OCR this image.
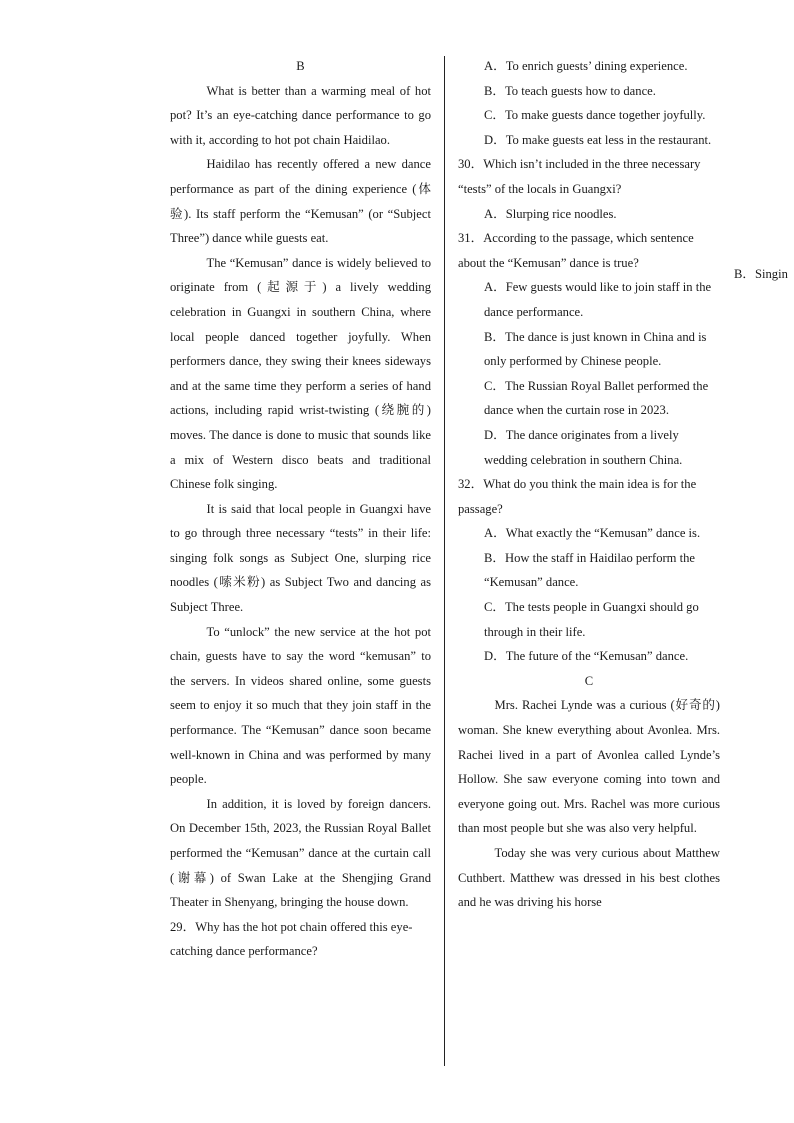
B

What is better than a warming meal of hot pot? It’s an eye-catching dance performance to go with it, according to hot pot chain Haidilao.

Haidilao has recently offered a new dance performance as part of the dining experience (体验). Its staff perform the “Kemusan” (or “Subject Three”) dance while guests eat.

The “Kemusan” dance is widely believed to originate from (起源于) a lively wedding celebration in Guangxi in southern China, where local people danced together joyfully. When performers dance, they swing their knees sideways and at the same time they perform a series of hand actions, including rapid wrist-twisting (绕腕的) moves. The dance is done to music that sounds like a mix of Western disco beats and traditional Chinese folk singing.

It is said that local people in Guangxi have to go through three necessary “tests” in their life: singing folk songs as Subject One, slurping rice noodles (嗦米粉) as Subject Two and dancing as Subject Three.

To “unlock” the new service at the hot pot chain, guests have to say the word “kemusan” to the servers. In videos shared online, some guests seem to enjoy it so much that they join staff in the performance. The “Kemusan” dance soon became well-known in China and was performed by many people.

In addition, it is loved by foreign dancers. On December 15th, 2023, the Russian Royal Ballet performed the “Kemusan” dance at the curtain call (谢幕) of Swan Lake at the Shengjing Grand Theater in Shenyang, bringing the house down.

29．Why has the hot pot chain offered this eye-catching dance performance?

A．To enrich guests’ dining experience.

B．To teach guests how to dance.

C．To make guests dance together joyfully.

D．To make guests eat less in the restaurant.

30．Which isn’t included in the three necessary “tests” of the locals in Guangxi?

A．Slurping rice noodles.

31．According to the passage, which sentence about the “Kemusan” dance is true?

A．Few guests would like to join staff in the dance performance.

B．The dance is just known in China and is only performed by Chinese people.

C．The Russian Royal Ballet performed the dance when the curtain rose in 2023.

D．The dance originates from a lively wedding celebration in southern China.

32．What do you think the main idea is for the passage?

A．What exactly the “Kemusan” dance is.

B．How the staff in Haidilao perform the “Kemusan” dance.

C．The tests people in Guangxi should go through in their life.

D．The future of the “Kemusan” dance.

C

Mrs. Rachei Lynde was a curious (好奇的) woman. She knew everything about Avonlea. Mrs. Rachei lived in a part of Avonlea called Lynde’s Hollow. She saw everyone coming into town and everyone going out. Mrs. Rachel was more curious than most people but she was also very helpful.

Today she was very curious about Matthew Cuthbert. Matthew was dressed in his best clothes and he was driving his horse

B．Singin
